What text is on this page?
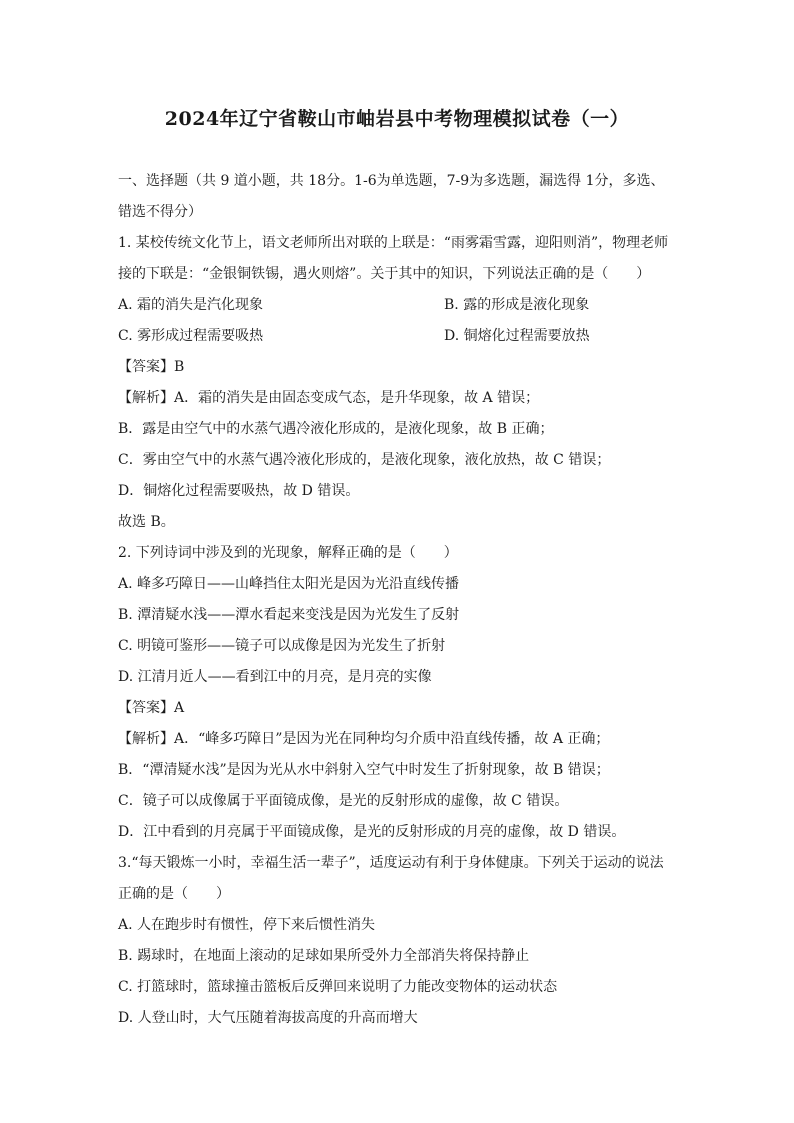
2024年辽宁省鞍山市岫岩县中考物理模拟试卷（一）
一、选择题（共 9 道小题，共 18分。1-6为单选题，7-9为多选题，漏选得 1分，多选、
错选不得分）
1. 某校传统文化节上，语文老师所出对联的上联是：“雨雾霜雪露，迎阳则消”，物理老师
接的下联是：“金银铜铁锡，遇火则熔”。关于其中的知识，下列说法正确的是（　　）
A. 霜的消失是汽化现象	B. 露的形成是液化现象
C. 雾形成过程需要吸热	D. 铜熔化过程需要放热
【答案】B
【解析】A．霜的消失是由固态变成气态，是升华现象，故 A 错误；
B．露是由空气中的水蒸气遇冷液化形成的，是液化现象，故 B 正确；
C．雾由空气中的水蒸气遇冷液化形成的，是液化现象，液化放热，故 C 错误；
D．铜熔化过程需要吸热，故 D 错误。
故选 B。
2. 下列诗词中涉及到的光现象，解释正确的是（　　）
A. 峰多巧障日——山峰挡住太阳光是因为光沿直线传播
B. 潭清疑水浅——潭水看起来变浅是因为光发生了反射
C. 明镜可鉴形——镜子可以成像是因为光发生了折射
D. 江清月近人——看到江中的月亮，是月亮的实像
【答案】A
【解析】A．“峰多巧障日”是因为光在同种均匀介质中沿直线传播，故 A 正确；
B．“潭清疑水浅”是因为光从水中斜射入空气中时发生了折射现象，故 B 错误；
C．镜子可以成像属于平面镜成像，是光的反射形成的虚像，故 C 错误。
D．江中看到的月亮属于平面镜成像，是光的反射形成的月亮的虚像，故 D 错误。
3.“每天锻炼一小时，幸福生活一辈子”，适度运动有利于身体健康。下列关于运动的说法
正确的是（　　）
A. 人在跑步时有惯性，停下来后惯性消失
B. 踢球时，在地面上滚动的足球如果所受外力全部消失将保持静止
C. 打篮球时，篮球撞击篮板后反弹回来说明了力能改变物体的运动状态
D. 人登山时，大气压随着海拔高度的升高而增大
